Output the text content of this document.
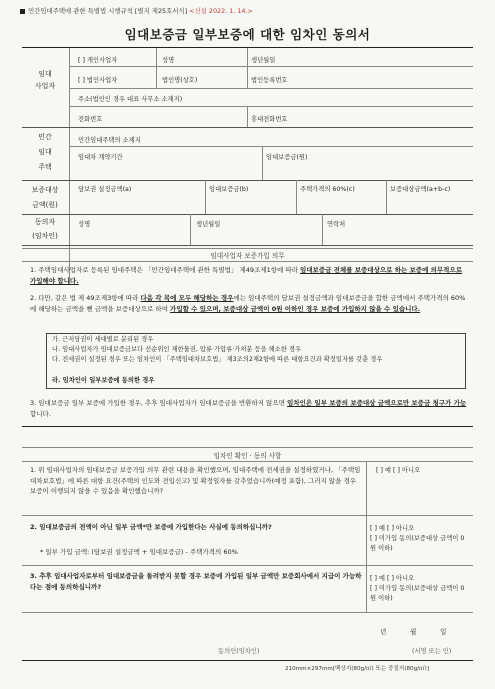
민간임대주택에 관한 특별법 시행규칙 [별지 제25호서식] <신설 2022. 1. 14.>
임대보증금 일부보증에 대한 임차인 동의서
임대
사업자
[ ] 개인사업자	성명	생년월일
[ ] 법인사업자	법인명(상호)	법인등록번호
주소(법인인 경우 대표 사무소 소재지)
전화번호	휴대전화번호
민간
임대
주택
민간임대주택의 소재지
임대차 계약기간	임대보증금(원)
보증대상
금액(원)
담보권 설정금액(a)	임대보증금(b)	주택가격의 60%(c)	보증대상금액(a+b-c)
동의자
(임차인)
성명	생년월일	연락처
임대사업자 보증가입 의무
1. 주택임대사업자로 등록된 임대주택은 「민간임대주택에 관한 특별법」 제49조제1항에 따라 임대보증금 전체를 보증대상으로 하는 보증에 의무적으로 가입해야 합니다.
2. 다만, 같은 법 제 49조제3항에 따라 다음 각 목에 모두 해당하는 경우에는 임대주택의 담보권 설정금액과 임대보증금을 합한 금액에서 주택가격의 60%에 해당하는 금액을 뺀 금액을 보증대상으로 하여 가입할 수 있으며, 보증대상 금액이 0원 이하인 경우 보증에 가입하지 않을 수 있습니다.
가. 근저당권이 세대별로 분리된 경우
나. 임대사업자가 임대보증금보다 선순위인 제한물권, 압류·가압류·가처분 등을 해소한 경우
다. 전세권이 설정된 경우 또는 임차인이 「주택임대차보호법」 제3조의2제2항에 따른 대항요건과 확정일자를 갖춘 경우
라. 임차인이 일부보증에 동의한 경우
3. 임대보증금 일부 보증에 가입한 경우, 추후 임대사업자가 임대보증금을 반환하지 않으면 임차인은 일부 보증의 보증대상 금액으로만 보증금 청구가 가능합니다.
임차인 확인 · 동의 사항
1. 위 임대사업자의 임대보증금 보증가입 의무 관련 내용을 확인했으며, 임대주택에 전세권을 설정하였거나, 「주택임대차보호법」에 따른 대항 요건(주택의 인도와 전입신고) 및 확정일자를 갖추었습니까(예정 포함), 그러지 않을 경우 보증이 이행되지 않을 수 있음을 확인했습니까?
[ ] 예 [ ] 아니오
2. 임대보증금의 전액이 아닌 일부 금액*만 보증에 가입한다는 사실에 동의하십니까?
* 일부 가입 금액: (담보권 설정금액 + 임대보증금) - 주택가격의 60%
[ ] 예 [ ] 아니오
[ ] 미가입 동의(보증대상 금액이 0원 이하)
3. 추후 임대사업자로부터 임대보증금을 돌려받지 못할 경우 보증에 가입된 일부 금액만 보증회사에서 지급이 가능하다는 점에 동의하십니까?
[ ] 예 [ ] 아니오
[ ] 미가입 동의(보증대상 금액이 0원 이하)
년	월	일
동의인(임차인)	(서명 또는 인)
210mm×297mm[백상지(80g/㎡) 또는 중질지(80g/㎡)]
